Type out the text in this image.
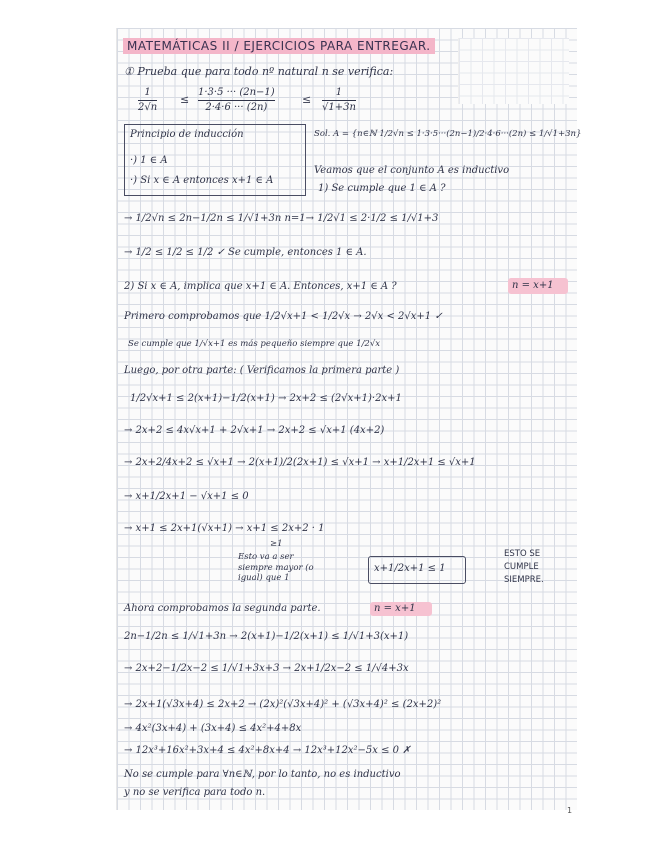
MATEMÁTICAS II / EJERCICIOS PARA ENTREGAR.
① Prueba que para todo nº natural n se verifica:
1
2√n
≤
1·3·5 ··· (2n−1)
2·4·6 ··· (2n)
≤
1
√1+3n
Principio de inducción
·) 1 ∈ A
·) Si x ∈ A entonces x+1 ∈ A
Sol. A = {n∈ℕ 1/2√n ≤ 1·3·5···(2n−1)/2·4·6···(2n) ≤ 1/√1+3n}
Veamos que el conjunto A es inductivo
1) Se cumple que 1 ∈ A ?
→ 1/2√n ≤ 2n−1/2n ≤ 1/√1+3n n=1→ 1/2√1 ≤ 2·1/2 ≤ 1/√1+3
→ 1/2 ≤ 1/2 ≤ 1/2 ✓ Se cumple, entonces 1 ∈ A.
2) Si x ∈ A, implica que x+1 ∈ A. Entonces, x+1 ∈ A ?	n = x+1
Primero comprobamos que 1/2√x+1 < 1/2√x → 2√x < 2√x+1 ✓
Se cumple que 1/√x+1 es más pequeño siempre que 1/2√x
Luego, por otra parte: ( Verificamos la primera parte )
1/2√x+1 ≤ 2(x+1)−1/2(x+1) → 2x+2 ≤ (2√x+1)·2x+1
→ 2x+2 ≤ 4x√x+1 + 2√x+1 → 2x+2 ≤ √x+1 (4x+2)
→ 2x+2/4x+2 ≤ √x+1 → 2(x+1)/2(2x+1) ≤ √x+1 → x+1/2x+1 ≤ √x+1
→ x+1/2x+1 − √x+1 ≤ 0
→ x+1 ≤ 2x+1(√x+1) → x+1 ≤ 2x+2 · 1
≥1
Esto va a ser siempre mayor (o igual) que 1
x+1/2x+1 ≤ 1
ESTO SE CUMPLE SIEMPRE.
Ahora comprobamos la segunda parte.	n = x+1
2n−1/2n ≤ 1/√1+3n → 2(x+1)−1/2(x+1) ≤ 1/√1+3(x+1)
→ 2x+2−1/2x−2 ≤ 1/√1+3x+3 → 2x+1/2x−2 ≤ 1/√4+3x
→ 2x+1(√3x+4) ≤ 2x+2 → (2x)²(√3x+4)² + (√3x+4)² ≤ (2x+2)²
→ 4x²(3x+4) + (3x+4) ≤ 4x²+4+8x
→ 12x³+16x²+3x+4 ≤ 4x²+8x+4 → 12x³+12x²−5x ≤ 0 ✗
No se cumple para ∀n∈ℕ, por lo tanto, no es inductivo
y no se verifica para todo n.
1
